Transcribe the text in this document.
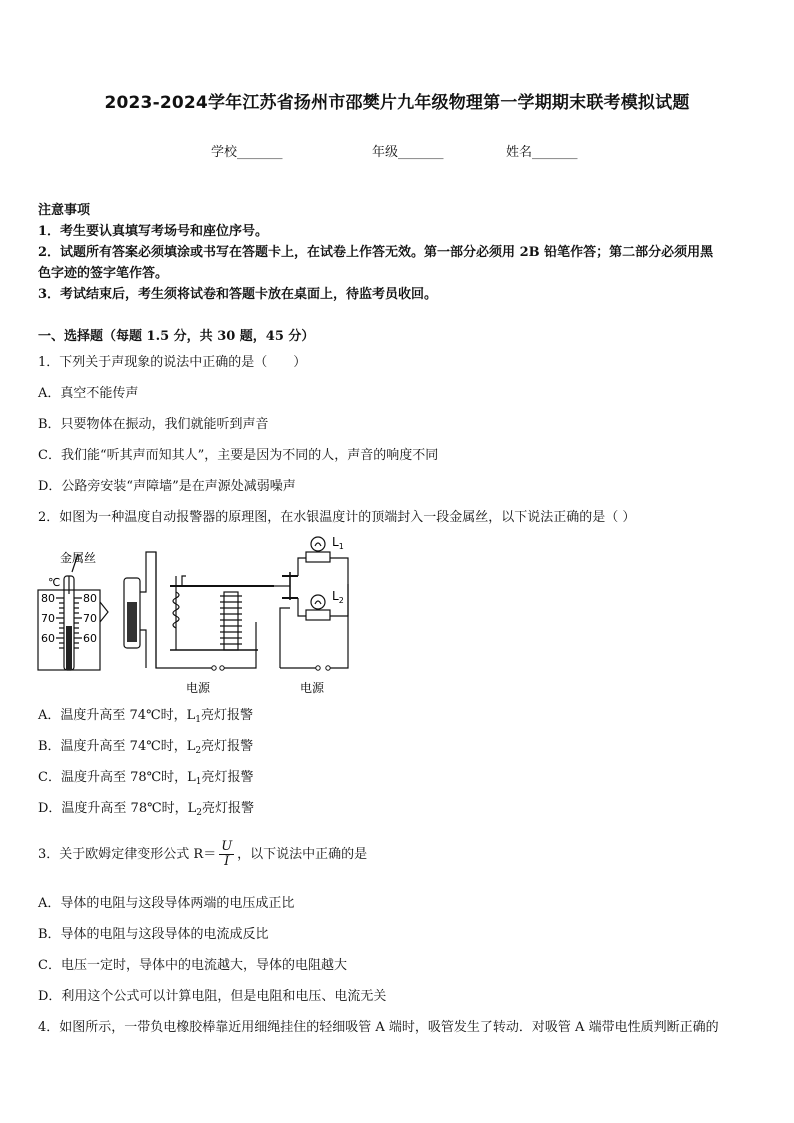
2023-2024学年江苏省扬州市邵樊片九年级物理第一学期期末联考模拟试题
学校_______	年级_______	姓名_______
注意事项
1．考生要认真填写考场号和座位序号。
2．试题所有答案必须填涂或书写在答题卡上，在试卷上作答无效。第一部分必须用 2B 铅笔作答；第二部分必须用黑
色字迹的签字笔作答。
3．考试结束后，考生须将试卷和答题卡放在桌面上，待监考员收回。
一、选择题（每题 1.5 分，共 30 题，45 分）
1．下列关于声现象的说法中正确的是（　　）
A．真空不能传声
B．只要物体在振动，我们就能听到声音
C．我们能“听其声而知其人”，主要是因为不同的人，声音的响度不同
D．公路旁安装“声障墙”是在声源处减弱噪声
2．如图为一种温度自动报警器的原理图，在水银温度计的顶端封入一段金属丝，以下说法正确的是（ ）
金属丝
℃
80
70
60
80
70
60
$L_1$
$L_2$
电源	电源
A．温度升高至 74℃时，$L_1$亮灯报警
B．温度升高至 74℃时，$L_2$亮灯报警
C．温度升高至 78℃时，$L_1$亮灯报警
D．温度升高至 78℃时，$L_2$亮灯报警
3．关于欧姆定律变形公式 $R= \frac{U}{I}$ ，以下说法中正确的是
A．导体的电阻与这段导体两端的电压成正比
B．导体的电阻与这段导体的电流成反比
C．电压一定时，导体中的电流越大，导体的电阻越大
D．利用这个公式可以计算电阻，但是电阻和电压、电流无关
4．如图所示，一带负电橡胶棒靠近用细绳挂住的轻细吸管 A 端时，吸管发生了转动．对吸管 A 端带电性质判断正确的
